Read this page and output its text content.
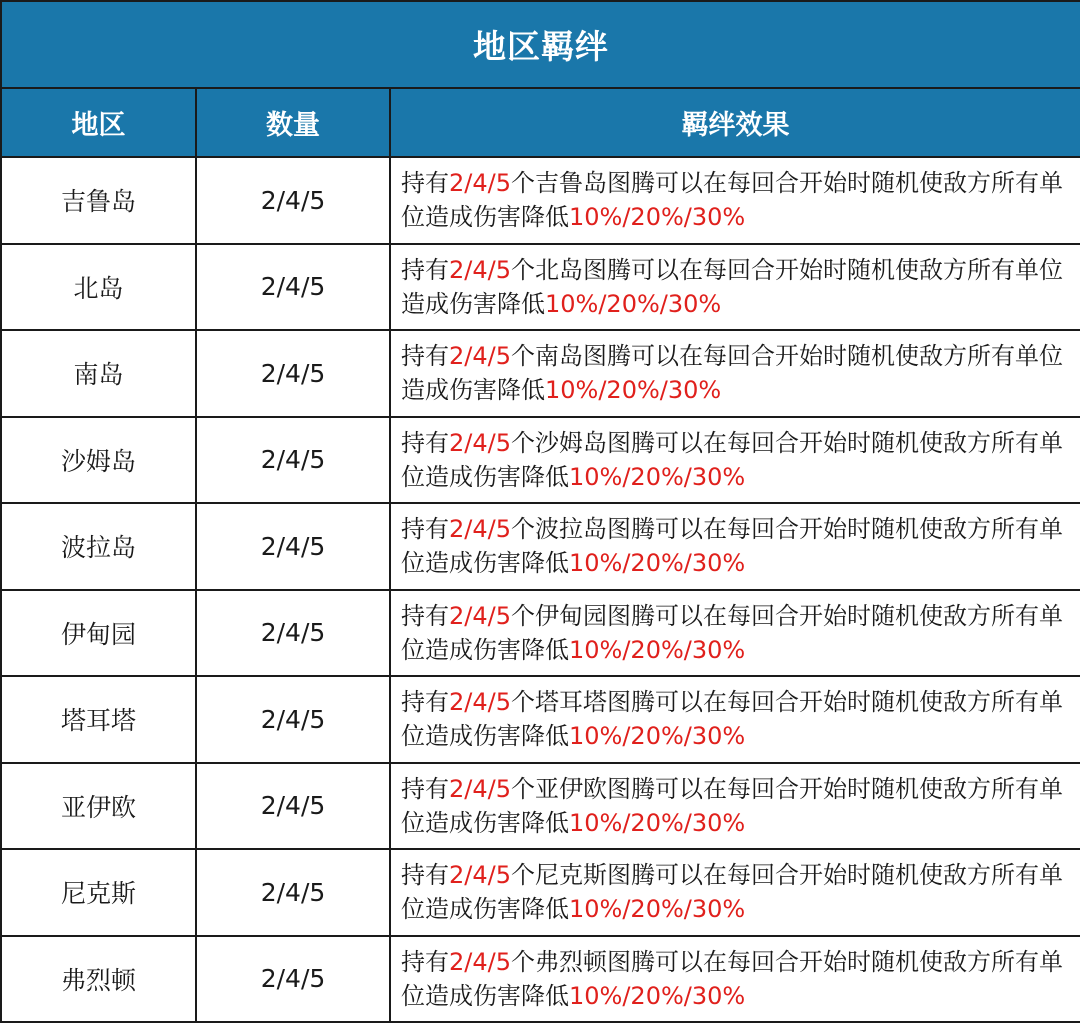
地区羁绊		
地区	数量	羁绊效果
吉鲁岛	2/4/5	持有2/4/5个吉鲁岛图腾可以在每回合开始时随机使敌方所有单位造成伤害降低10%/20%/30%
北岛	2/4/5	持有2/4/5个北岛图腾可以在每回合开始时随机使敌方所有单位造成伤害降低10%/20%/30%
南岛	2/4/5	持有2/4/5个南岛图腾可以在每回合开始时随机使敌方所有单位造成伤害降低10%/20%/30%
沙姆岛	2/4/5	持有2/4/5个沙姆岛图腾可以在每回合开始时随机使敌方所有单位造成伤害降低10%/20%/30%
波拉岛	2/4/5	持有2/4/5个波拉岛图腾可以在每回合开始时随机使敌方所有单位造成伤害降低10%/20%/30%
伊甸园	2/4/5	持有2/4/5个伊甸园图腾可以在每回合开始时随机使敌方所有单位造成伤害降低10%/20%/30%
塔耳塔	2/4/5	持有2/4/5个塔耳塔图腾可以在每回合开始时随机使敌方所有单位造成伤害降低10%/20%/30%
亚伊欧	2/4/5	持有2/4/5个亚伊欧图腾可以在每回合开始时随机使敌方所有单位造成伤害降低10%/20%/30%
尼克斯	2/4/5	持有2/4/5个尼克斯图腾可以在每回合开始时随机使敌方所有单位造成伤害降低10%/20%/30%
弗烈顿	2/4/5	持有2/4/5个弗烈顿图腾可以在每回合开始时随机使敌方所有单位造成伤害降低10%/20%/30%
